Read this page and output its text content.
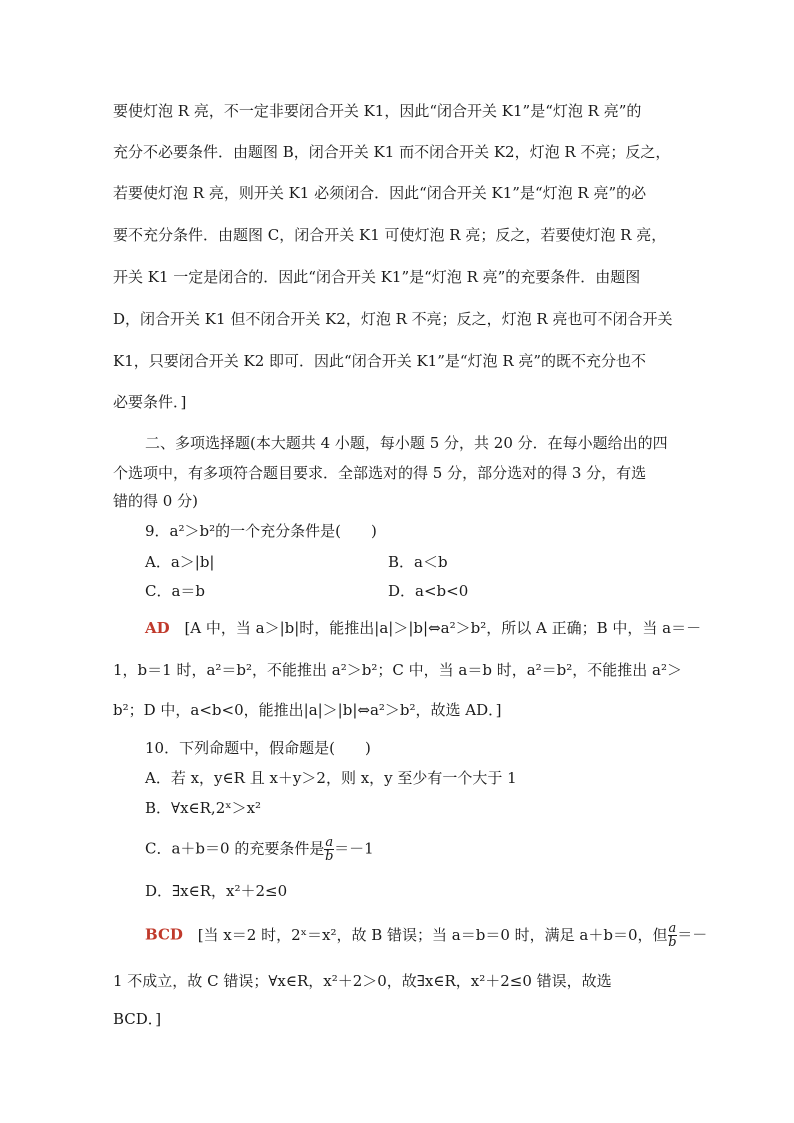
要使灯泡 R 亮，不一定非要闭合开关 K1，因此“闭合开关 K1”是“灯泡 R 亮”的
充分不必要条件．由题图 B，闭合开关 K1 而不闭合开关 K2，灯泡 R 不亮；反之，
若要使灯泡 R 亮，则开关 K1 必须闭合．因此“闭合开关 K1”是“灯泡 R 亮”的必
要不充分条件．由题图 C，闭合开关 K1 可使灯泡 R 亮；反之，若要使灯泡 R 亮，
开关 K1 一定是闭合的．因此“闭合开关 K1”是“灯泡 R 亮”的充要条件．由题图
D，闭合开关 K1 但不闭合开关 K2，灯泡 R 不亮；反之，灯泡 R 亮也可不闭合开关
K1，只要闭合开关 K2 即可．因此“闭合开关 K1”是“灯泡 R 亮”的既不充分也不
必要条件．]
二、多项选择题(本大题共 4 小题，每小题 5 分，共 20 分．在每小题给出的四
个选项中，有多项符合题目要求．全部选对的得 5 分，部分选对的得 3 分，有选
错的得 0 分)
9．a²＞b²的一个充分条件是(　　)
A．a＞|b|	B．a＜b
C．a＝b	D．a<b<0
AD [A 中，当 a＞|b|时，能推出|a|＞|b|⇔a²＞b²，所以 A 正确；B 中，当 a＝－
1，b＝1 时，a²＝b²，不能推出 a²＞b²；C 中，当 a＝b 时，a²＝b²，不能推出 a²＞
b²；D 中，a<b<0，能推出|a|＞|b|⇔a²＞b²，故选 AD．]
10．下列命题中，假命题是(　　)
A．若 x，y∈R 且 x＋y＞2，则 x，y 至少有一个大于 1
B．∀x∈R,2ˣ＞x²
C．a＋b＝0 的充要条件是 $\frac{a}{b} =-1$
D．∃x∈R，x²＋2≤0
BCD [当 x＝2 时，2ˣ＝x²，故 B 错误；当 a＝b＝0 时，满足 a＋b＝0，但 $\frac{a}{b}$ ＝－
1 不成立，故 C 错误；∀x∈R，x²＋2＞0，故∃x∈R，x²＋2≤0 错误，故选
BCD．]
